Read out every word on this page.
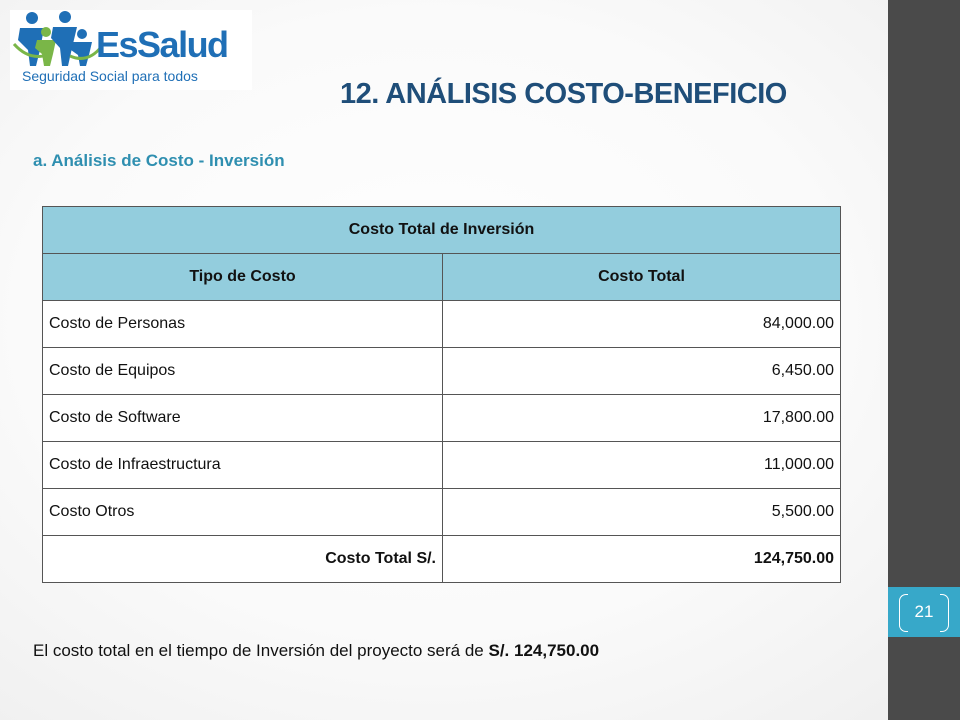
21
EsSalud
Seguridad Social para todos
12. ANÁLISIS COSTO-BENEFICIO
a. Análisis de Costo - Inversión
Costo Total de Inversión	
Tipo de Costo	Costo Total
Costo de Personas	84,000.00
Costo de Equipos	6,450.00
Costo de Software	17,800.00
Costo de Infraestructura	11,000.00
Costo Otros	5,500.00
Costo Total S/.	124,750.00

El costo total en el tiempo de Inversión del proyecto será de S/. 124,750.00
